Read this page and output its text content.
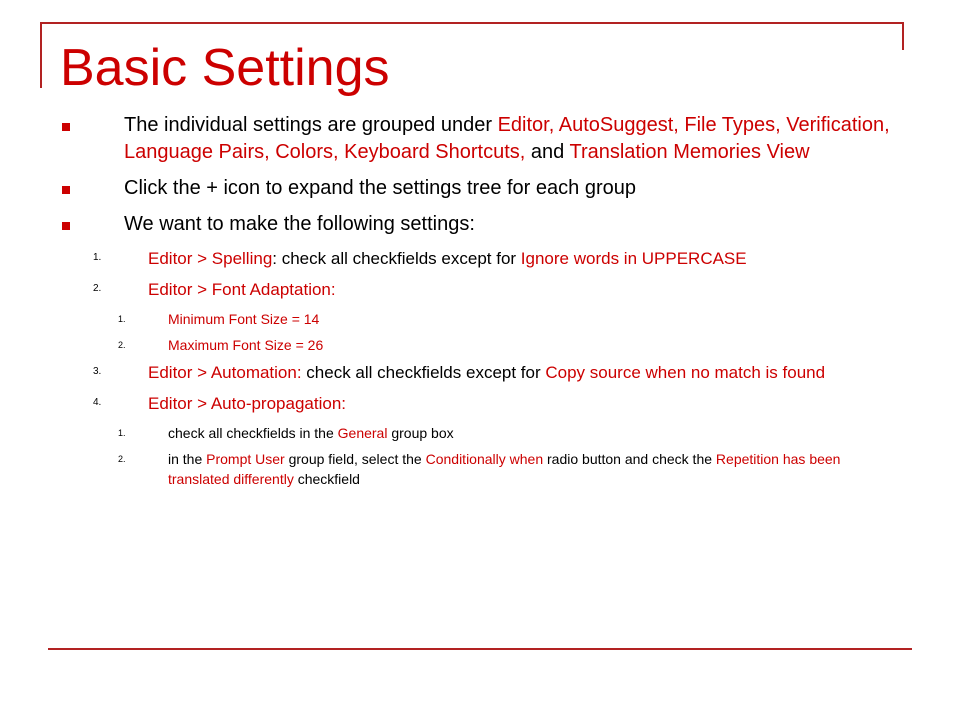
Basic Settings
The individual settings are grouped under Editor, AutoSuggest, File Types, Verification, Language Pairs, Colors, Keyboard Shortcuts, and Translation Memories View
Click the + icon to expand the settings tree for each group
We want to make the following settings:
1.	Editor > Spelling: check all checkfields except for Ignore words in UPPERCASE
2.	Editor > Font Adaptation:
1.	Minimum Font Size = 14
2.	Maximum Font Size = 26
3.	Editor > Automation: check all checkfields except for Copy source when no match is found
4.	Editor > Auto-propagation:
1.	check all checkfields in the General group box
2.	in the Prompt User group field, select the Conditionally when radio button and check the Repetition has been translated differently checkfield
